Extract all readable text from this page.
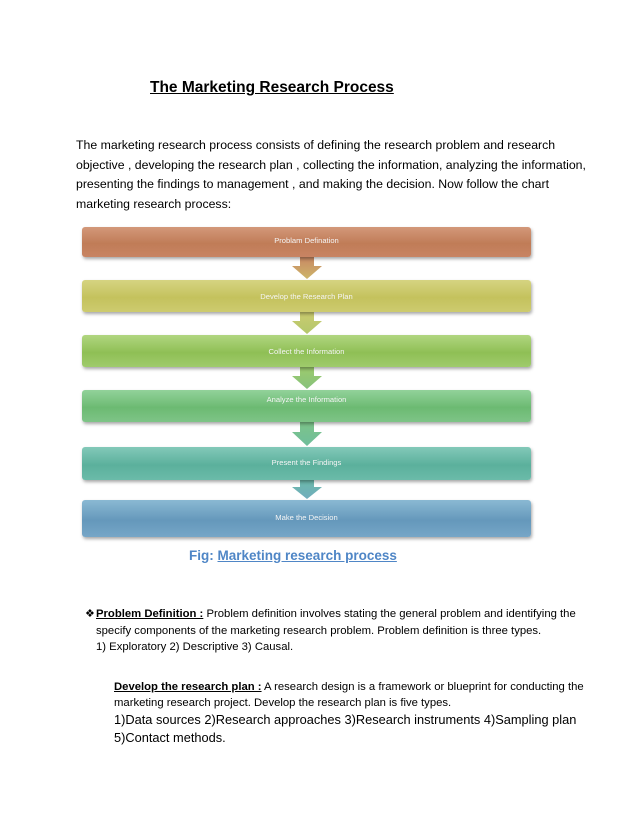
The Marketing Research Process
The marketing research process consists of defining the research problem and research
objective , developing the research plan , collecting the information, analyzing the information,
presenting the findings to management , and making the decision. Now follow the chart
marketing research process:
Problam Defination
Develop the Research Plan
Collect the Information
Analyze the Information
Present the Findings
Make the Decision
Fig: Marketing research process
❖ Problem Definition : Problem definition involves stating the general problem and identifying the
specify components of the marketing research problem. Problem definition is three types.
1) Exploratory 2) Descriptive 3) Causal.
Develop the research plan : A research design is a framework or blueprint for conducting the
marketing research project. Develop the research plan is five types.
1)Data sources 2)Research approaches 3)Research instruments 4)Sampling plan
5)Contact methods.
